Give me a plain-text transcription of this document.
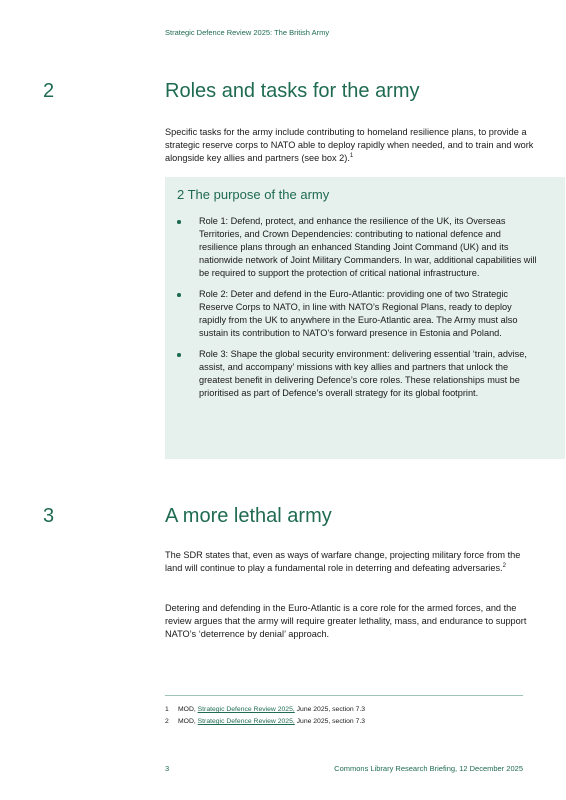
Strategic Defence Review 2025: The British Army
2	Roles and tasks for the army

Specific tasks for the army include contributing to homeland resilience plans, to provide a strategic reserve corps to NATO able to deploy rapidly when needed, and to train and work alongside key allies and partners (see box 2).$^1$

2 The purpose of the army
Role 1: Defend, protect, and enhance the resilience of the UK, its Overseas Territories, and Crown Dependencies: contributing to national defence and resilience plans through an enhanced Standing Joint Command (UK) and its nationwide network of Joint Military Commanders. In war, additional capabilities will be required to support the protection of critical national infrastructure.
Role 2: Deter and defend in the Euro-Atlantic: providing one of two Strategic Reserve Corps to NATO, in line with NATO’s Regional Plans, ready to deploy rapidly from the UK to anywhere in the Euro-Atlantic area. The Army must also sustain its contribution to NATO’s forward presence in Estonia and Poland.
Role 3: Shape the global security environment: delivering essential ‘train, advise, assist, and accompany’ missions with key allies and partners that unlock the greatest benefit in delivering Defence’s core roles. These relationships must be prioritised as part of Defence’s overall strategy for its global footprint.
3	A more lethal army

The SDR states that, even as ways of warfare change, projecting military force from the land will continue to play a fundamental role in deterring and defeating adversaries.$^2$

Detering and defending in the Euro-Atlantic is a core role for the armed forces, and the review argues that the army will require greater lethality, mass, and endurance to support NATO’s ‘deterrence by denial’ approach.

1 MOD, Strategic Defence Review 2025, June 2025, section 7.3
2 MOD, Strategic Defence Review 2025, June 2025, section 7.3
3	Commons Library Research Briefing, 12 December 2025
